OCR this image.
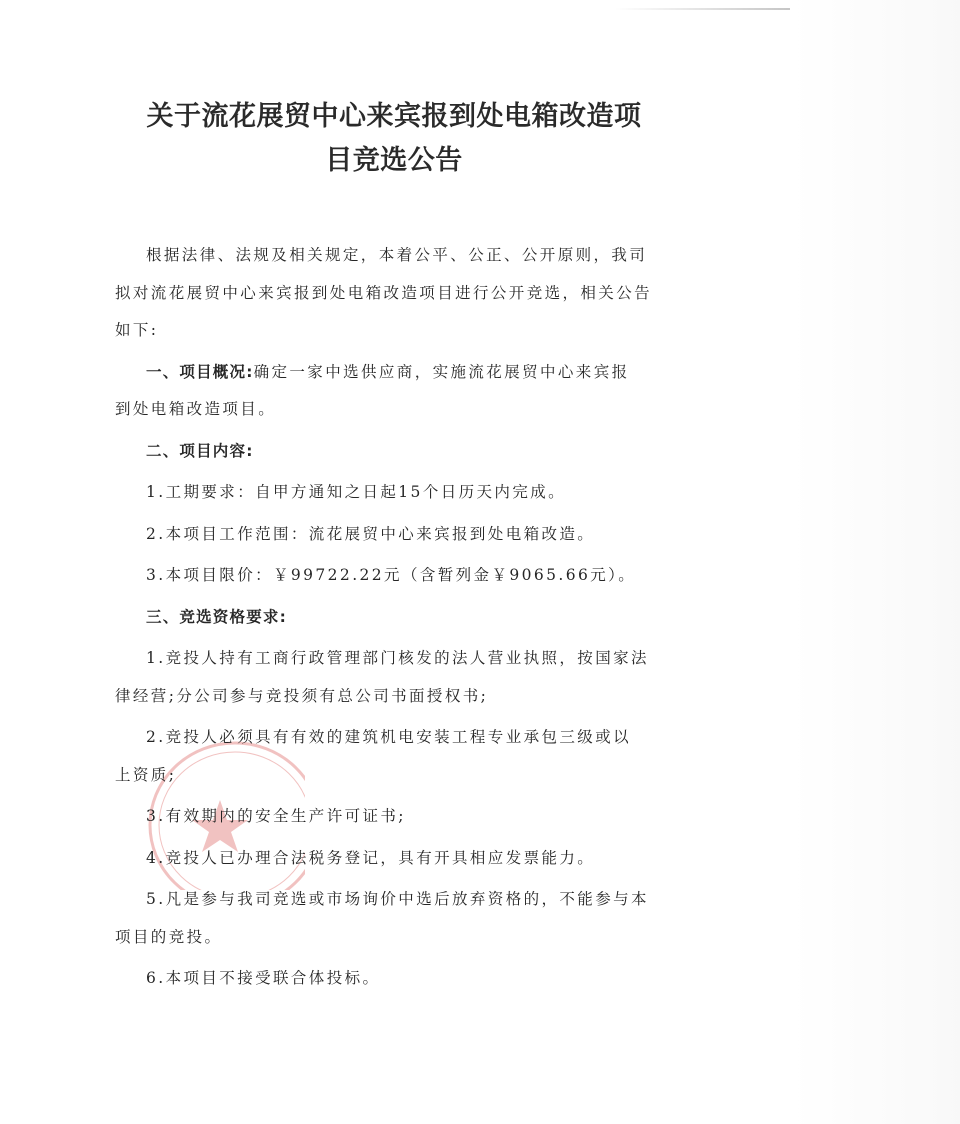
关于流花展贸中心来宾报到处电箱改造项
目竞选公告

根据法律、法规及相关规定，本着公平、公正、公开原则，我司
拟对流花展贸中心来宾报到处电箱改造项目进行公开竞选，相关公告
如下:

一、项目概况:确定一家中选供应商，实施流花展贸中心来宾报
到处电箱改造项目。

二、项目内容:

1.工期要求：自甲方通知之日起15个日历天内完成。

2.本项目工作范围：流花展贸中心来宾报到处电箱改造。

3.本项目限价：￥99722.22元（含暂列金￥9065.66元）。

三、竞选资格要求:

1.竞投人持有工商行政管理部门核发的法人营业执照，按国家法
律经营;分公司参与竞投须有总公司书面授权书;

2.竞投人必须具有有效的建筑机电安装工程专业承包三级或以
上资质;

3.有效期内的安全生产许可证书;

4.竞投人已办理合法税务登记，具有开具相应发票能力。

5.凡是参与我司竞选或市场询价中选后放弃资格的，不能参与本
项目的竞投。

6.本项目不接受联合体投标。
